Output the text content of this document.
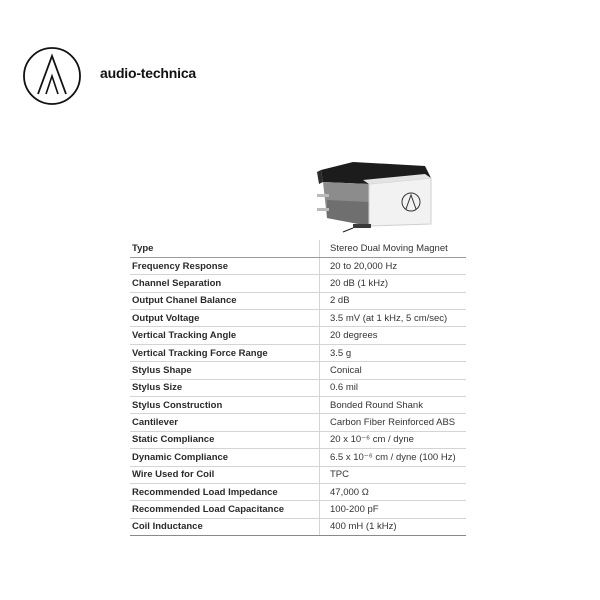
audio-technica
Type	Stereo Dual Moving Magnet
Frequency Response	20 to 20,000 Hz
Channel Separation	20 dB (1 kHz)
Output Chanel Balance	2 dB
Output Voltage	3.5 mV (at 1 kHz, 5 cm/sec)
Vertical Tracking Angle	20 degrees
Vertical Tracking Force Range	3.5 g
Stylus Shape	Conical
Stylus Size	0.6 mil
Stylus Construction	Bonded Round Shank
Cantilever	Carbon Fiber Reinforced ABS
Static Compliance	20 x 10⁻⁶ cm / dyne
Dynamic Compliance	6.5 x 10⁻⁶ cm / dyne (100 Hz)
Wire Used for Coil	TPC
Recommended Load Impedance	47,000 Ω
Recommended Load Capacitance	100-200 pF
Coil Inductance	400 mH (1 kHz)
